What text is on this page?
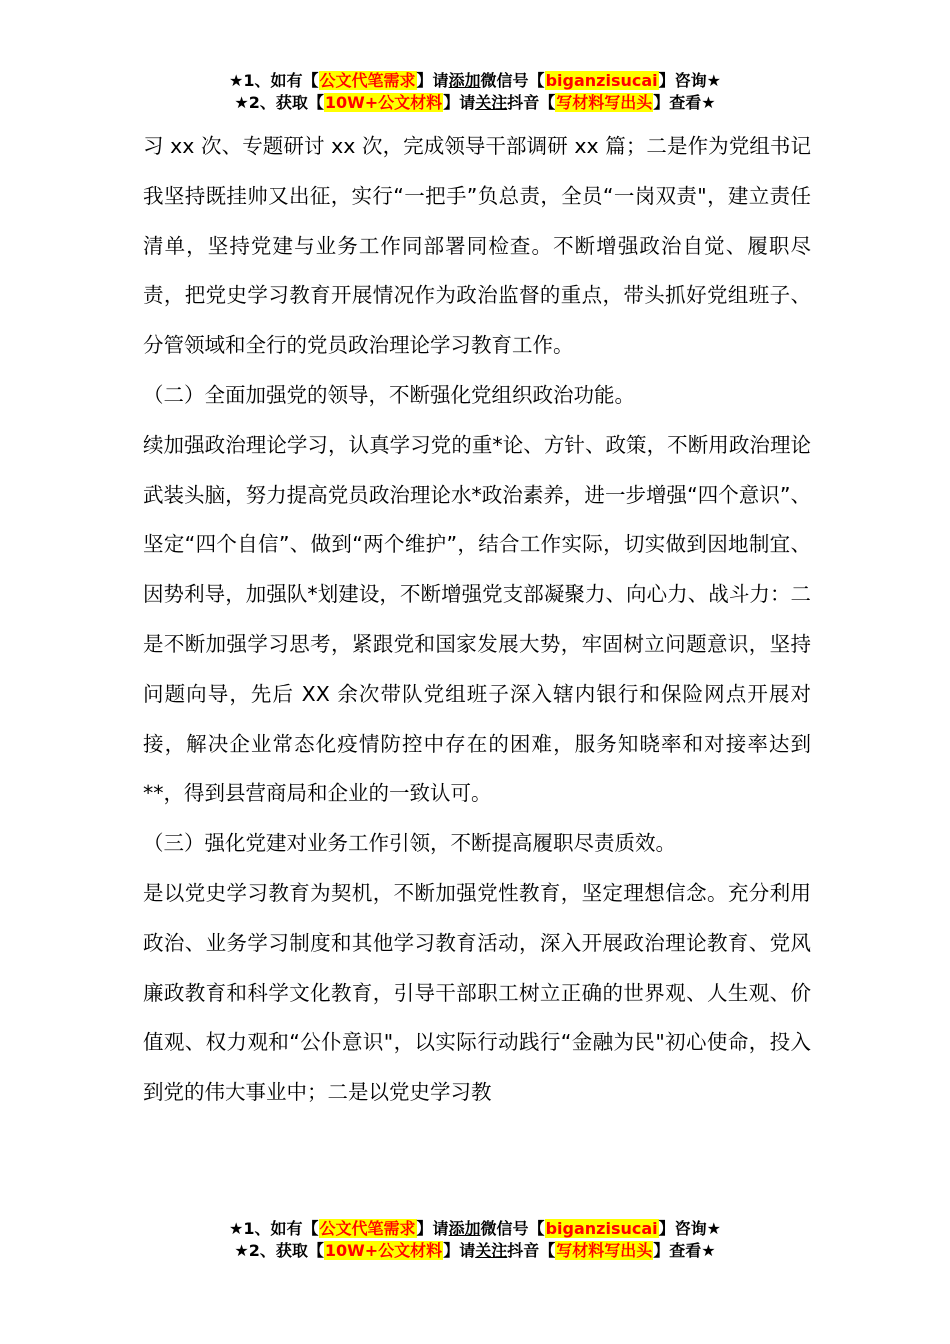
★1、如有【公文代笔需求】请添加微信号【biganzisucai】咨询★
★2、获取【10W+公文材料】请关注抖音【写材料写出头】查看★

习 xx 次、专题研讨 xx 次，完成领导干部调研 xx 篇；二是作为党组书记我坚持既挂帅又出征，实行“一把手”负总责，全员“一岗双责"，建立责任清单，坚持党建与业务工作同部署同检查。不断增强政治自觉、履职尽责，把党史学习教育开展情况作为政治监督的重点，带头抓好党组班子、分管领域和全行的党员政治理论学习教育工作。

（二）全面加强党的领导，不断强化党组织政治功能。

续加强政治理论学习，认真学习党的重*论、方针、政策，不断用政治理论武装头脑，努力提高党员政治理论水*政治素养，进一步增强“四个意识”、坚定“四个自信”、做到“两个维护”，结合工作实际，切实做到因地制宜、因势利导，加强队*划建设，不断增强党支部凝聚力、向心力、战斗力：二是不断加强学习思考，紧跟党和国家发展大势，牢固树立问题意识，坚持问题向导，先后 XX 余次带队党组班子深入辖内银行和保险网点开展对接，解决企业常态化疫情防控中存在的困难，服务知晓率和对接率达到**，得到县营商局和企业的一致认可。

（三）强化党建对业务工作引领，不断提高履职尽责质效。

是以党史学习教育为契机，不断加强党性教育，坚定理想信念。充分利用政治、业务学习制度和其他学习教育活动，深入开展政治理论教育、党风廉政教育和科学文化教育，引导干部职工树立正确的世界观、人生观、价值观、权力观和“公仆意识"，以实际行动践行“金融为民"初心使命，投入到党的伟大事业中；二是以党史学习教

★1、如有【公文代笔需求】请添加微信号【biganzisucai】咨询★
★2、获取【10W+公文材料】请关注抖音【写材料写出头】查看★
